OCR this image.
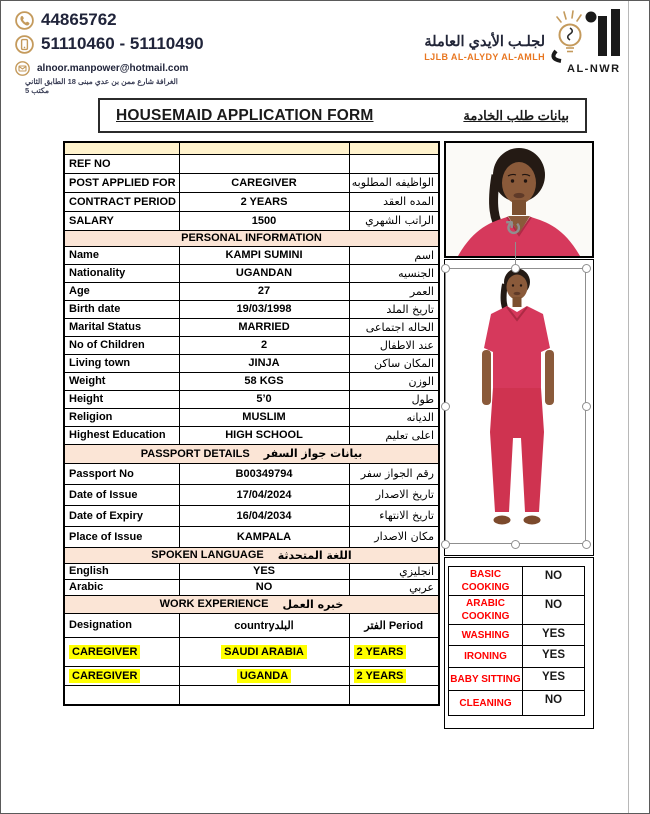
44865762
51110460 - 51110490
alnoor.manpower@hotmail.com
الغرافة شارع ممن بن عدي مبنى 18 الطابق الثاني مكتب 5
لجلـب الأيدي العاملة
LJLB AL-ALYDY AL-AMLH
AL-NWR
HOUSEMAID APPLICATION FORM	بيانات طلب الخادمة

REF NO		
POST APPLIED FOR	CAREGIVER	الواظيفه المطلوبه
CONTRACT PERIOD	2 YEARS	المده العقد
SALARY	1500	الراتب الشهري

PERSONAL INFORMATION		

Name	KAMPI SUMINI	اسم
Nationality	UGANDAN	الجنسيه
Age	27	العمر
Birth date	19/03/1998	تاريخ الملد
Marital Status	MARRIED	الحاله اجتماعى
No of Children	2	عند الاطفال
Living town	JINJA	المكان ساكن
Weight	58 KGS	الوزن
Height	5’0	طول
Religion	MUSLIM	الديانه
Highest Education	HIGH SCHOOL	اعلى تعليم

PASSPORT DETAILS بيانات جواز السفر		

Passport No	B00349794	رقم الجواز سفر
Date of Issue	17/04/2024	تاريخ الاصدار
Date of Expiry	16/04/2034	تاريخ الانتهاء
Place of Issue	KAMPALA	مكان الاصدار

SPOKEN LANGUAGE اللغة المتحدثة		

English	YES	انجليزي
Arabic	NO	عربي

WORK EXPERIENCE خبره العمل		

Designation	countryالبلد	الفتر Period
CAREGIVER	SAUDI ARABIA	2 YEARS
CAREGIVER	UGANDA	2 YEARS

↻
BASIC COOKING	NO
ARABIC COOKING	NO
WASHING	YES
IRONING	YES
BABY SITTING	YES
CLEANING	NO
